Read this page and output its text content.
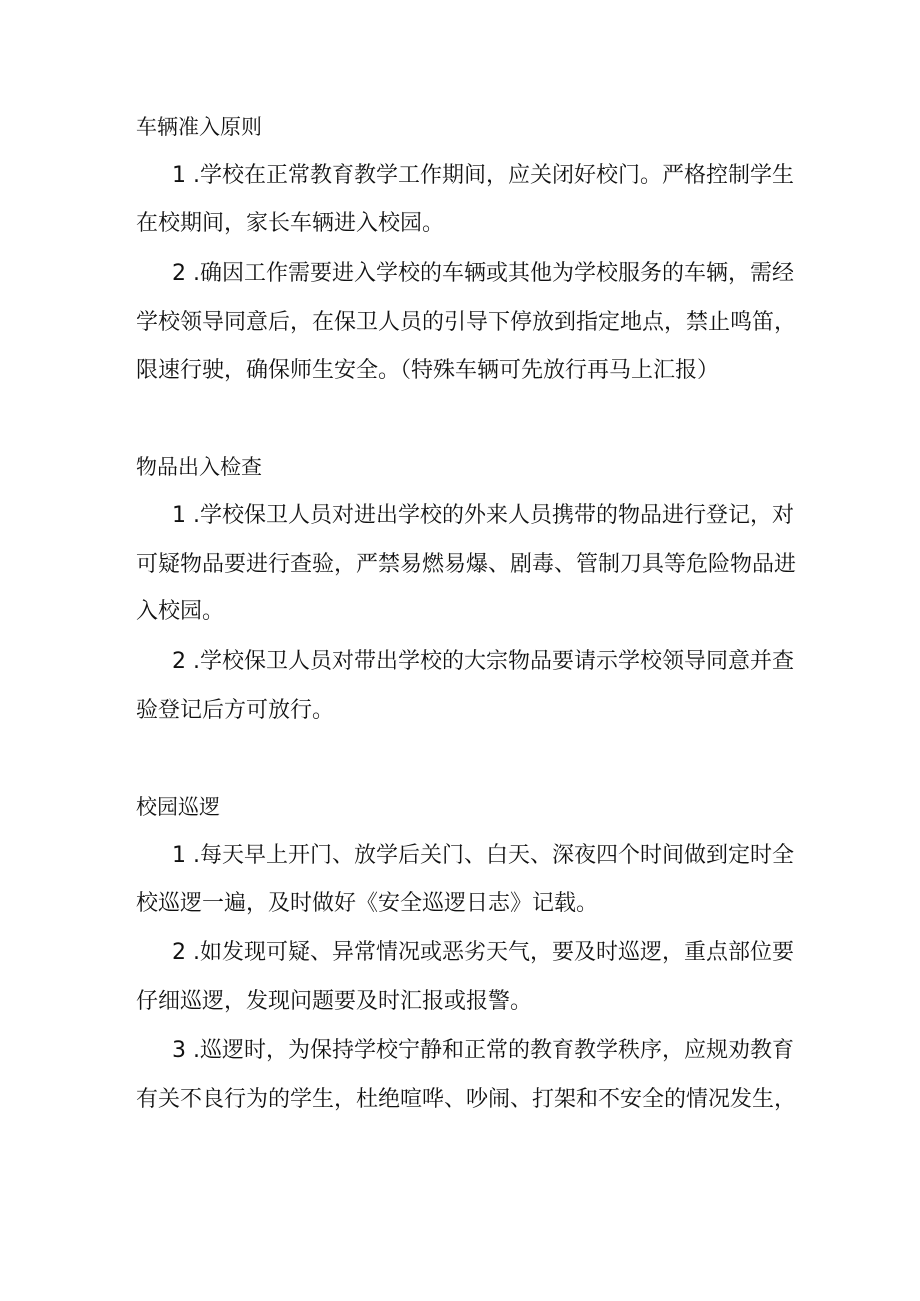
车辆准入原则
1 .学校在正常教育教学工作期间，应关闭好校门。严格控制学生
在校期间，家长车辆进入校园。
2 .确因工作需要进入学校的车辆或其他为学校服务的车辆，需经
学校领导同意后，在保卫人员的引导下停放到指定地点，禁止鸣笛，
限速行驶，确保师生安全。（特殊车辆可先放行再马上汇报）
物品出入检查
1 .学校保卫人员对进出学校的外来人员携带的物品进行登记，对
可疑物品要进行查验，严禁易燃易爆、剧毒、管制刀具等危险物品进
入校园。
2 .学校保卫人员对带出学校的大宗物品要请示学校领导同意并查
验登记后方可放行。
校园巡逻
1 .每天早上开门、放学后关门、白天、深夜四个时间做到定时全
校巡逻一遍，及时做好《安全巡逻日志》记载。
2 .如发现可疑、异常情况或恶劣天气，要及时巡逻，重点部位要
仔细巡逻，发现问题要及时汇报或报警。
3 .巡逻时，为保持学校宁静和正常的教育教学秩序，应规劝教育
有关不良行为的学生，杜绝喧哗、吵闹、打架和不安全的情况发生，
